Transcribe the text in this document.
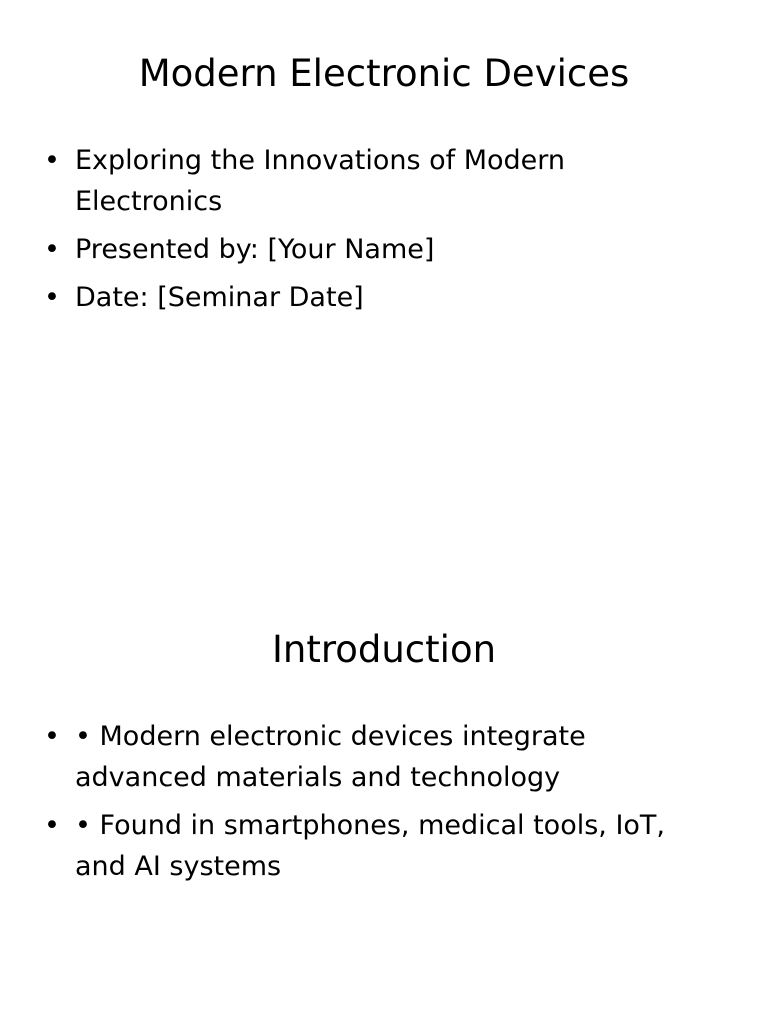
Modern Electronic Devices
• Exploring the Innovations of Modern Electronics
• Presented by: [Your Name]
• Date: [Seminar Date]
Introduction
• • Modern electronic devices integrate advanced materials and technology
• • Found in smartphones, medical tools, IoT, and AI systems
